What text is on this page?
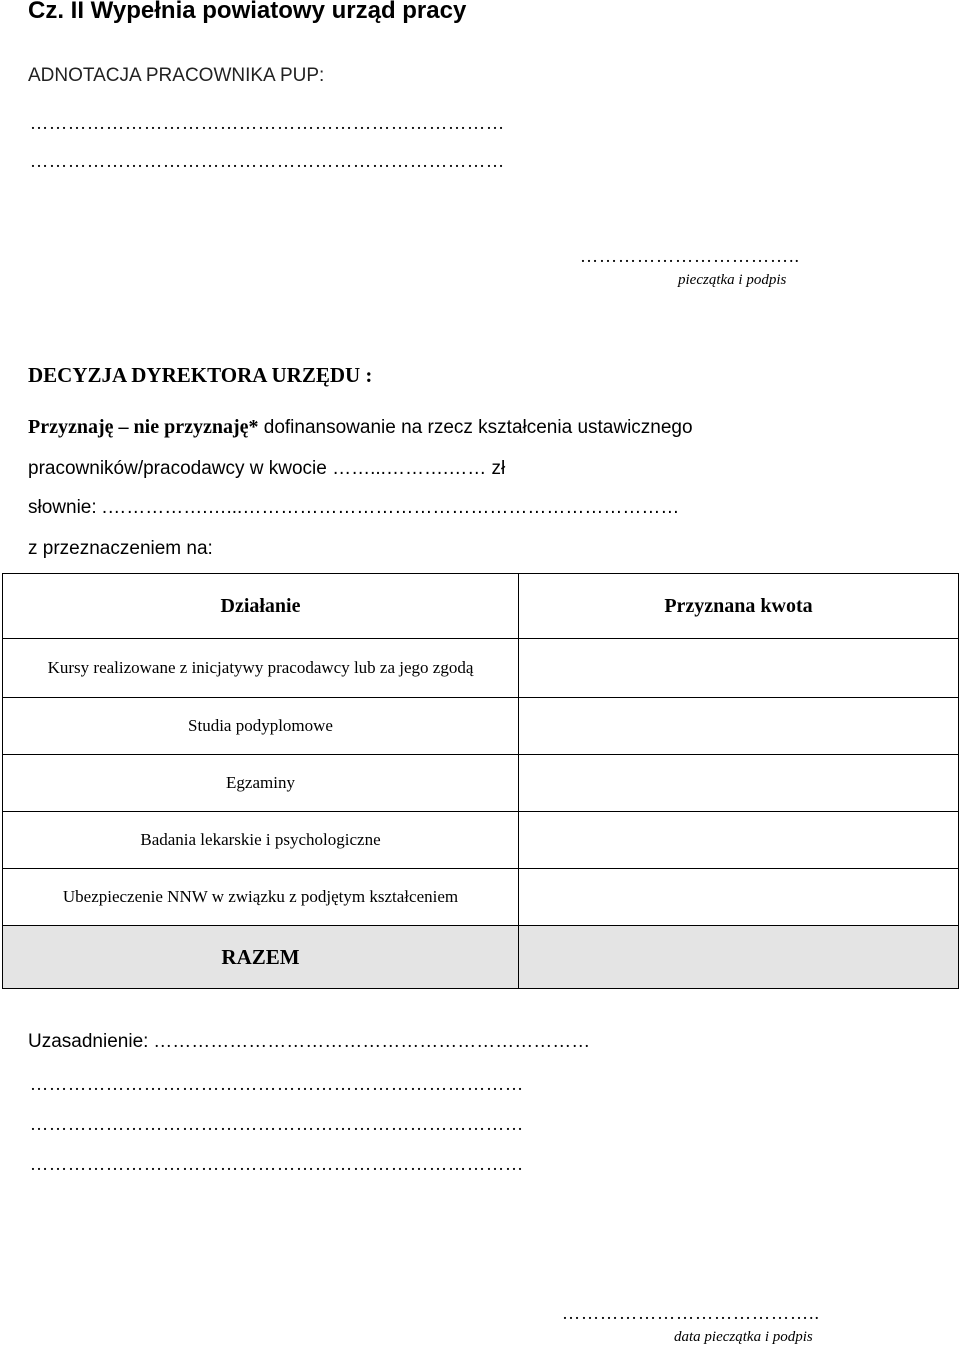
Cz. II Wypełnia powiatowy urząd pracy
ADNOTACJA PRACOWNIKA PUP:
…………………………………………………………………
…………………………………………………………………
……………………………..
pieczątka i podpis
DECYZJA DYREKTORA URZĘDU :
Przyznaję – nie przyznaję* dofinansowanie na rzecz kształcenia ustawicznego
pracowników/pracodawcy w kwocie ……...……….…… zł
słownie: .…………….…...……………………………………………………………
z przeznaczeniem na:
Działanie	Przyznana kwota
Kursy realizowane z inicjatywy pracodawcy lub za jego zgodą	
Studia podyplomowe	
Egzaminy	
Badania lekarskie i psychologiczne	
Ubezpieczenie NNW w związku z podjętym kształceniem	
RAZEM	
Uzasadnienie: ……………………………………………………………
……………………………………………………………………
……………………………………………………………………
……………………………………………………………………
…………………………………..
data pieczątka i podpis
